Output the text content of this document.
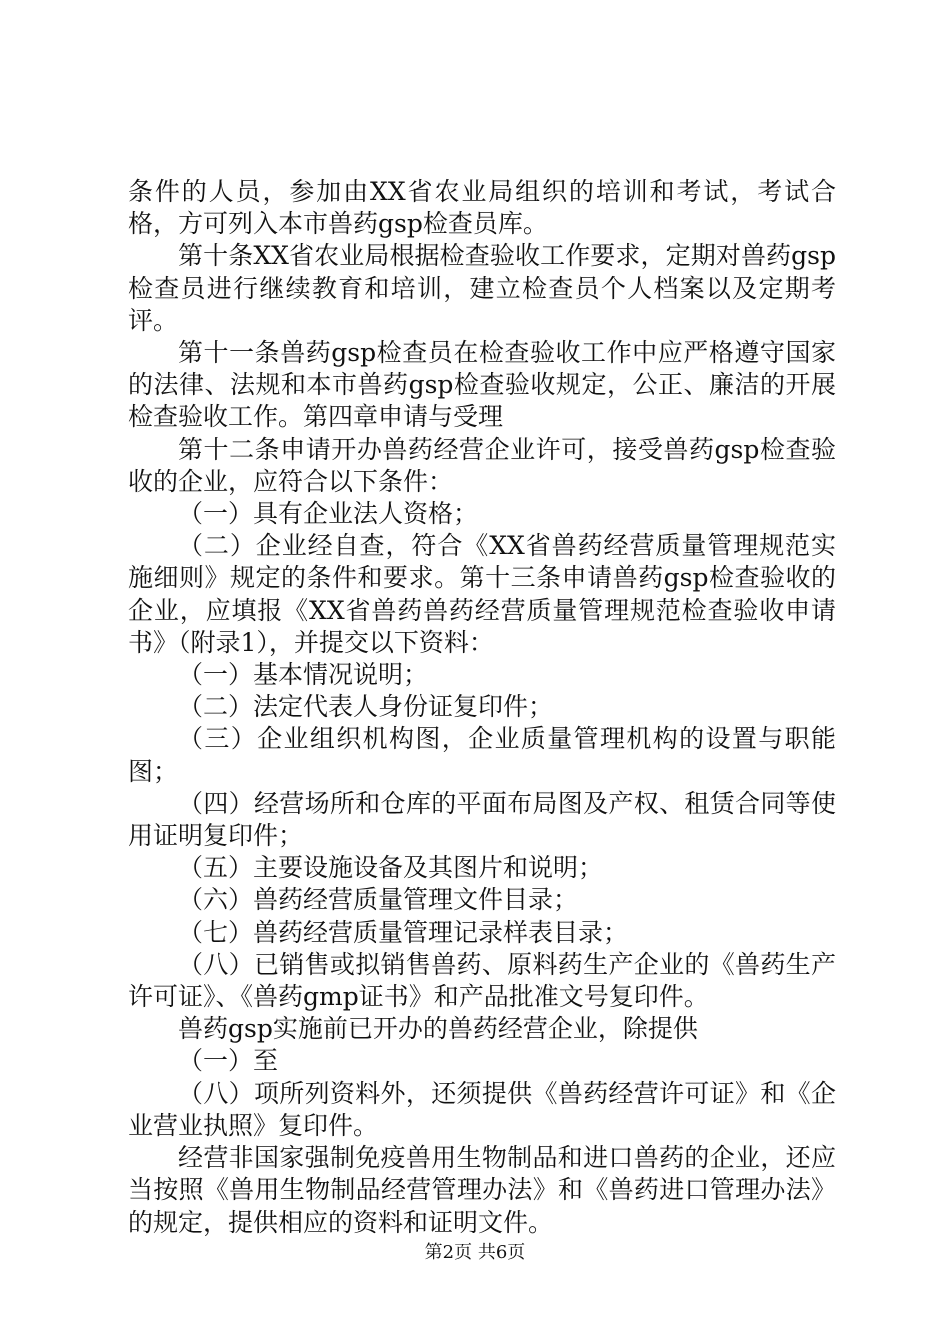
条件的人员，参加由XX省农业局组织的培训和考试，考试合格，方可列入本市兽药gsp检查员库。

第十条XX省农业局根据检查验收工作要求，定期对兽药gsp检查员进行继续教育和培训，建立检查员个人档案以及定期考评。

第十一条兽药gsp检查员在检查验收工作中应严格遵守国家的法律、法规和本市兽药gsp检查验收规定，公正、廉洁的开展检查验收工作。第四章申请与受理

第十二条申请开办兽药经营企业许可，接受兽药gsp检查验收的企业，应符合以下条件：

（一）具有企业法人资格；

（二）企业经自查，符合《XX省兽药经营质量管理规范实施细则》规定的条件和要求。第十三条申请兽药gsp检查验收的企业，应填报《XX省兽药兽药经营质量管理规范检查验收申请书》（附录1），并提交以下资料：

（一）基本情况说明；

（二）法定代表人身份证复印件；

（三）企业组织机构图，企业质量管理机构的设置与职能图；

（四）经营场所和仓库的平面布局图及产权、租赁合同等使用证明复印件；

（五）主要设施设备及其图片和说明；

（六）兽药经营质量管理文件目录；

（七）兽药经营质量管理记录样表目录；

（八）已销售或拟销售兽药、原料药生产企业的《兽药生产许可证》、《兽药gmp证书》和产品批准文号复印件。

兽药gsp实施前已开办的兽药经营企业，除提供

（一）至

（八）项所列资料外，还须提供《兽药经营许可证》和《企业营业执照》复印件。

经营非国家强制免疫兽用生物制品和进口兽药的企业，还应当按照《兽用生物制品经营管理办法》和《兽药进口管理办法》的规定，提供相应的资料和证明文件。

第2页 共6页
